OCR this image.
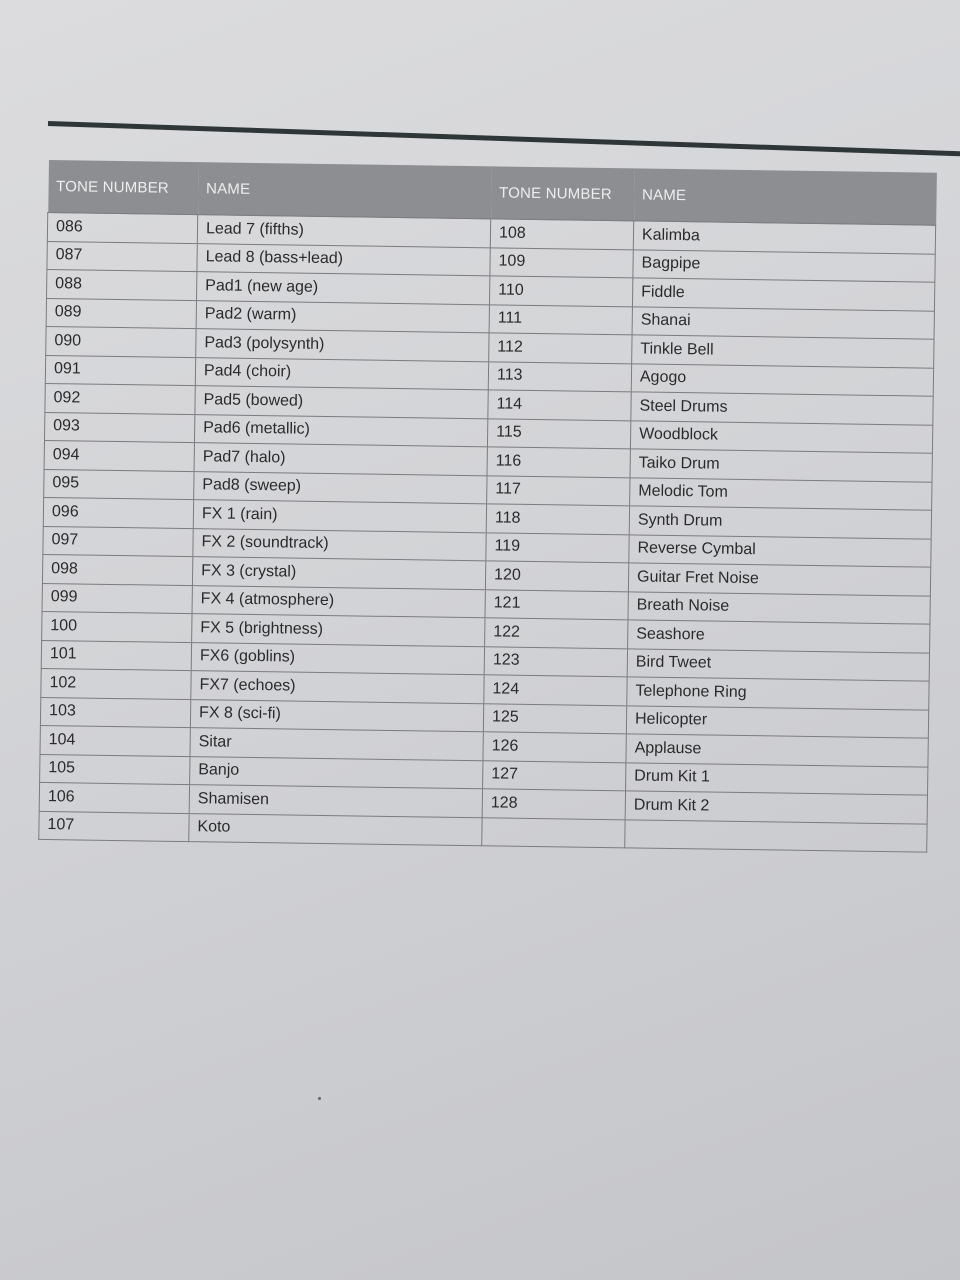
TONE NUMBER	NAME	TONE NUMBER	NAME
086	Lead 7 (fifths)	108	Kalimba
087	Lead 8 (bass+lead)	109	Bagpipe
088	Pad1 (new age)	110	Fiddle
089	Pad2 (warm)	111	Shanai
090	Pad3 (polysynth)	112	Tinkle Bell
091	Pad4 (choir)	113	Agogo
092	Pad5 (bowed)	114	Steel Drums
093	Pad6 (metallic)	115	Woodblock
094	Pad7 (halo)	116	Taiko Drum
095	Pad8 (sweep)	117	Melodic Tom
096	FX 1 (rain)	118	Synth Drum
097	FX 2 (soundtrack)	119	Reverse Cymbal
098	FX 3 (crystal)	120	Guitar Fret Noise
099	FX 4 (atmosphere)	121	Breath Noise
100	FX 5 (brightness)	122	Seashore
101	FX6 (goblins)	123	Bird Tweet
102	FX7 (echoes)	124	Telephone Ring
103	FX 8 (sci-fi)	125	Helicopter
104	Sitar	126	Applause
105	Banjo	127	Drum Kit 1
106	Shamisen	128	Drum Kit 2
107	Koto		
